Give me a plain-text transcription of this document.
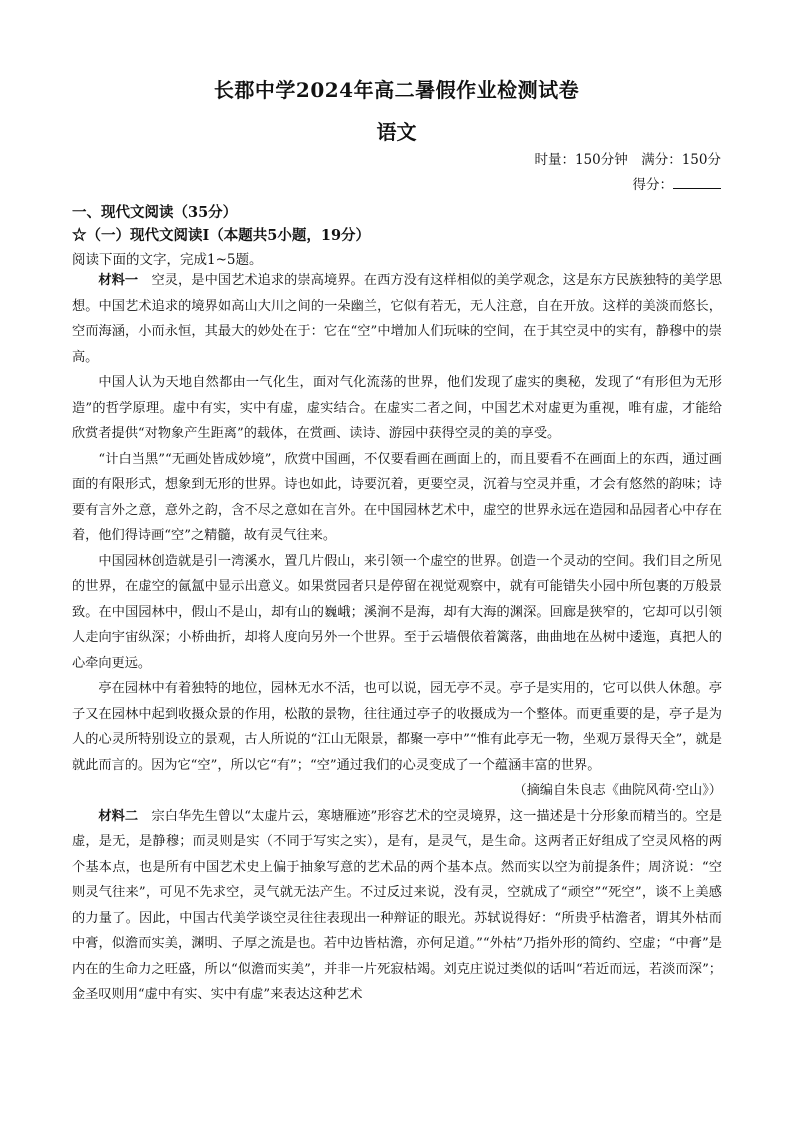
长郡中学2024年高二暑假作业检测试卷
语文
时量：150分钟　满分：150分
得分：
一、现代文阅读（35分）
☆（一）现代文阅读I（本题共5小题，19分）
阅读下面的文字，完成1~5题。

材料一　 空灵，是中国艺术追求的崇高境界。在西方没有这样相似的美学观念，这是东方民族独特的美学思想。中国艺术追求的境界如高山大川之间的一朵幽兰，它似有若无，无人注意，自在开放。这样的美淡而悠长，空而海涵，小而永恒，其最大的妙处在于：它在“空”中增加人们玩味的空间，在于其空灵中的实有，静穆中的崇高。

中国人认为天地自然都由一气化生，面对气化流荡的世界，他们发现了虚实的奥秘，发现了“有形但为无形造”的哲学原理。虚中有实，实中有虚，虚实结合。在虚实二者之间，中国艺术对虚更为重视，唯有虚，才能给欣赏者提供“对物象产生距离”的载体，在赏画、读诗、游园中获得空灵的美的享受。

“计白当黑”“无画处皆成妙境”，欣赏中国画，不仅要看画在画面上的，而且要看不在画面上的东西，通过画面的有限形式，想象到无形的世界。诗也如此，诗要沉着，更要空灵，沉着与空灵并重，才会有悠然的韵味；诗要有言外之意，意外之韵，含不尽之意如在言外。在中国园林艺术中，虚空的世界永远在造园和品园者心中存在着，他们得诗画“空”之精髓，故有灵气往来。

中国园林创造就是引一湾溪水，置几片假山，来引领一个虚空的世界。创造一个灵动的空间。我们目之所见的世界，在虚空的氤氲中显示出意义。如果赏园者只是停留在视觉观察中，就有可能错失小园中所包裹的万般景致。在中国园林中，假山不是山，却有山的巍峨；溪涧不是海，却有大海的渊深。回廊是狭窄的，它却可以引领人走向宇宙纵深；小桥曲折，却将人度向另外一个世界。至于云墙偎依着篱落，曲曲地在丛树中逶迤，真把人的心牵向更远。

亭在园林中有着独特的地位，园林无水不活，也可以说，园无亭不灵。亭子是实用的，它可以供人休憩。亭子又在园林中起到收摄众景的作用，松散的景物，往往通过亭子的收摄成为一个整体。而更重要的是，亭子是为人的心灵所特别设立的景观，古人所说的“江山无限景，都聚一亭中”“惟有此亭无一物，坐观万景得天全”，就是就此而言的。因为它“空”，所以它“有”；“空”通过我们的心灵变成了一个蕴涵丰富的世界。

（摘编自朱良志《曲院风荷·空山》）

材料二　 宗白华先生曾以“太虚片云，寒塘雁迹”形容艺术的空灵境界，这一描述是十分形象而精当的。空是虚，是无，是静穆；而灵则是实（不同于写实之实），是有，是灵气，是生命。这两者正好组成了空灵风格的两个基本点，也是所有中国艺术史上偏于抽象写意的艺术品的两个基本点。然而实以空为前提条件；周济说：“空则灵气往来”，可见不先求空，灵气就无法产生。不过反过来说，没有灵，空就成了“顽空”“死空”，谈不上美感的力量了。因此，中国古代美学谈空灵往往表现出一种辩证的眼光。苏轼说得好：“所贵乎枯澹者，谓其外枯而中膏，似澹而实美，渊明、子厚之流是也。若中边皆枯澹，亦何足道。”“外枯”乃指外形的简约、空虚；“中膏”是内在的生命力之旺盛，所以“似澹而实美”，并非一片死寂枯竭。刘克庄说过类似的话叫“若近而远，若淡而深”；金圣叹则用“虚中有实、实中有虚”来表达这种艺术
